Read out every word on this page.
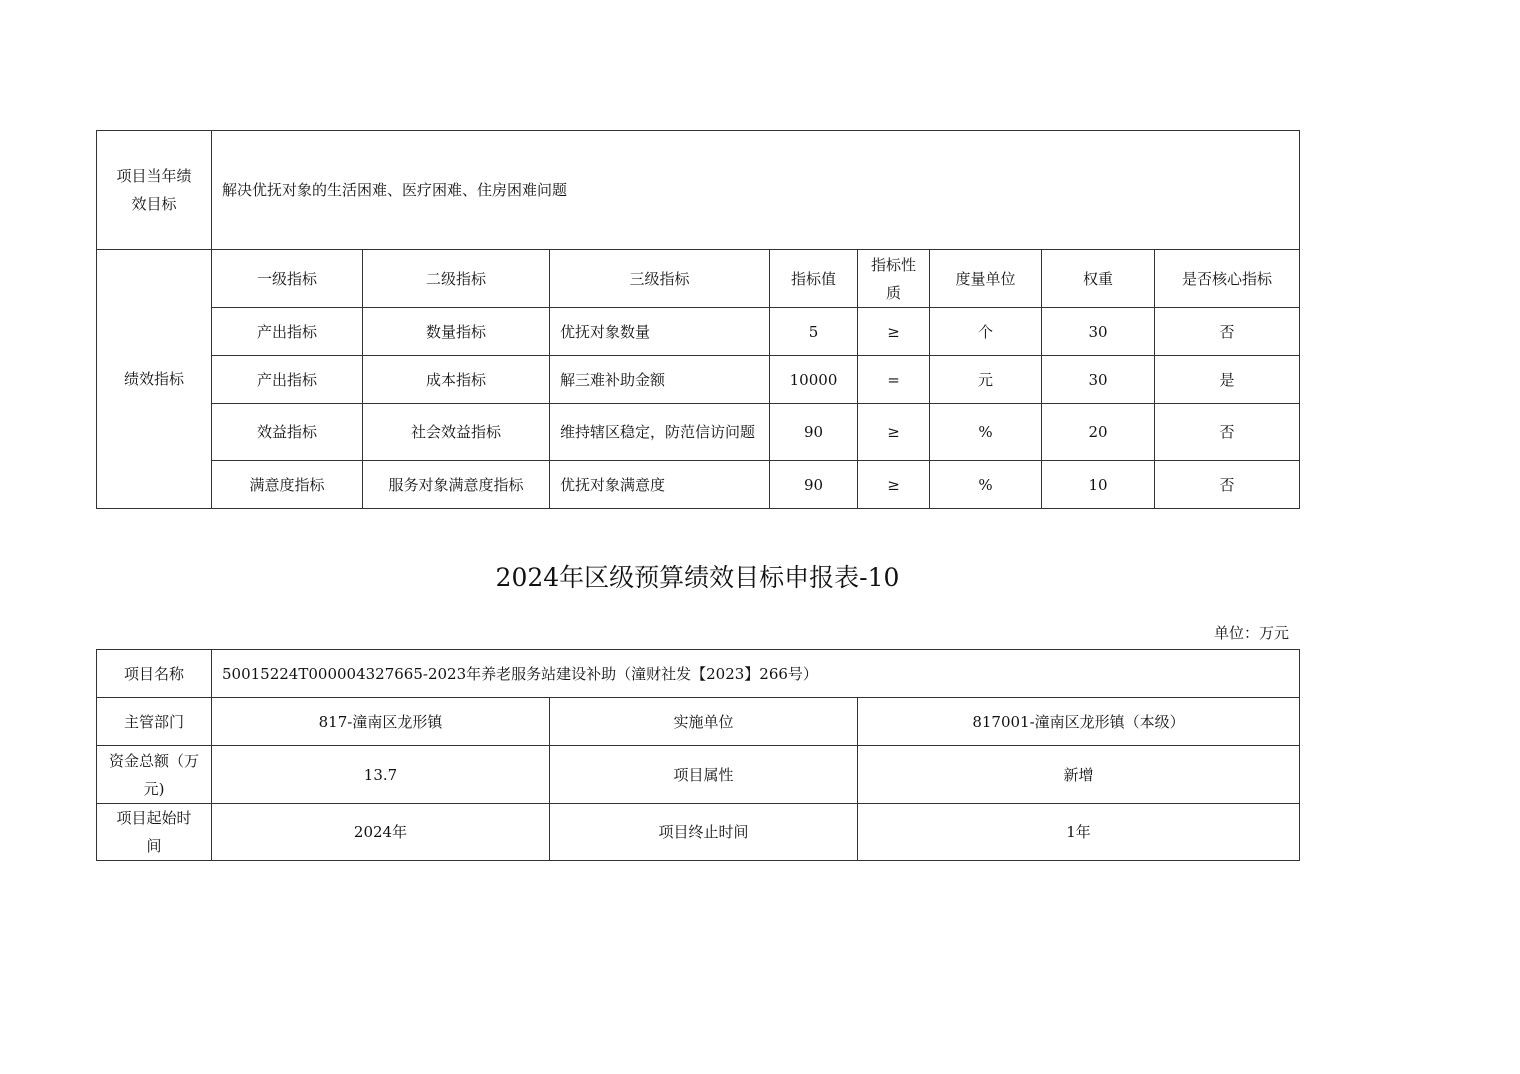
项目当年绩效目标	解决优抚对象的生活困难、医疗困难、住房困难问题							
绩效指标	一级指标	二级指标	三级指标	指标值	指标性质	度量单位	权重	是否核心指标
	产出指标	数量指标	优抚对象数量	5	≥	个	30	否
	产出指标	成本指标	解三难补助金额	10000	=	元	30	是
	效益指标	社会效益指标	维持辖区稳定，防范信访问题	90	≥	%	20	否
	满意度指标	服务对象满意度指标	优抚对象满意度	90	≥	%	10	否
2024年区级预算绩效目标申报表-10
单位：万元
项目名称	50015224T000004327665-2023年养老服务站建设补助（潼财社发【2023】266号）		
主管部门	817-潼南区龙形镇	实施单位	817001-潼南区龙形镇（本级）
资金总额（万元)	13.7	项目属性	新增
项目起始时间	2024年	项目终止时间	1年
